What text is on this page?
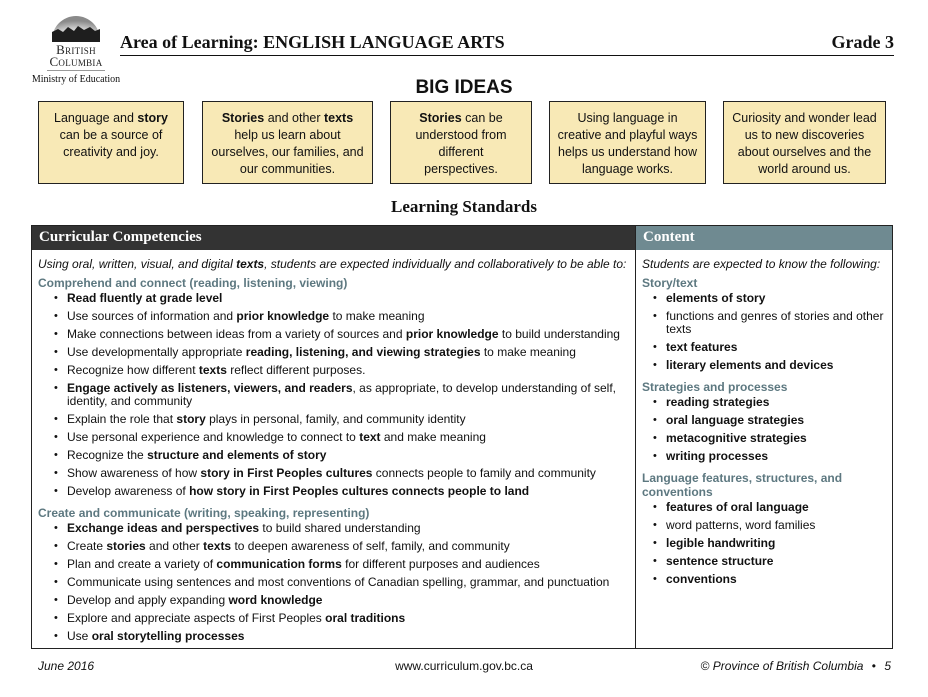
British
Columbia
Ministry of Education
Area of Learning: ENGLISH LANGUAGE ARTS	Grade 3
BIG IDEAS
Language and story can be a source of creativity and joy.
Stories and other texts help us learn about ourselves, our families, and our communities.
Stories can be understood from different perspectives.
Using language in creative and playful ways helps us understand how language works.
Curiosity and wonder lead us to new discoveries about ourselves and the world around us.
Learning Standards
Curricular Competencies
Using oral, written, visual, and digital texts, students are expected individually and collaboratively to be able to:
Comprehend and connect (reading, listening, viewing)
• Read fluently at grade level
• Use sources of information and prior knowledge to make meaning
• Make connections between ideas from a variety of sources and prior knowledge to build understanding
• Use developmentally appropriate reading, listening, and viewing strategies to make meaning
• Recognize how different texts reflect different purposes.
• Engage actively as listeners, viewers, and readers, as appropriate, to develop understanding of self, identity, and community
• Explain the role that story plays in personal, family, and community identity
• Use personal experience and knowledge to connect to text and make meaning
• Recognize the structure and elements of story
• Show awareness of how story in First Peoples cultures connects people to family and community
• Develop awareness of how story in First Peoples cultures connects people to land
Create and communicate (writing, speaking, representing)
• Exchange ideas and perspectives to build shared understanding
• Create stories and other texts to deepen awareness of self, family, and community
• Plan and create a variety of communication forms for different purposes and audiences
• Communicate using sentences and most conventions of Canadian spelling, grammar, and punctuation
• Develop and apply expanding word knowledge
• Explore and appreciate aspects of First Peoples oral traditions
• Use oral storytelling processes
Content
Students are expected to know the following:
Story/text
• elements of story
• functions and genres of stories and other texts
• text features
• literary elements and devices
Strategies and processes
• reading strategies
• oral language strategies
• metacognitive strategies
• writing processes
Language features, structures, and conventions
• features of oral language
• word patterns, word families
• legible handwriting
• sentence structure
• conventions
June 2016	www.curriculum.gov.bc.ca	© Province of British Columbia • 5
